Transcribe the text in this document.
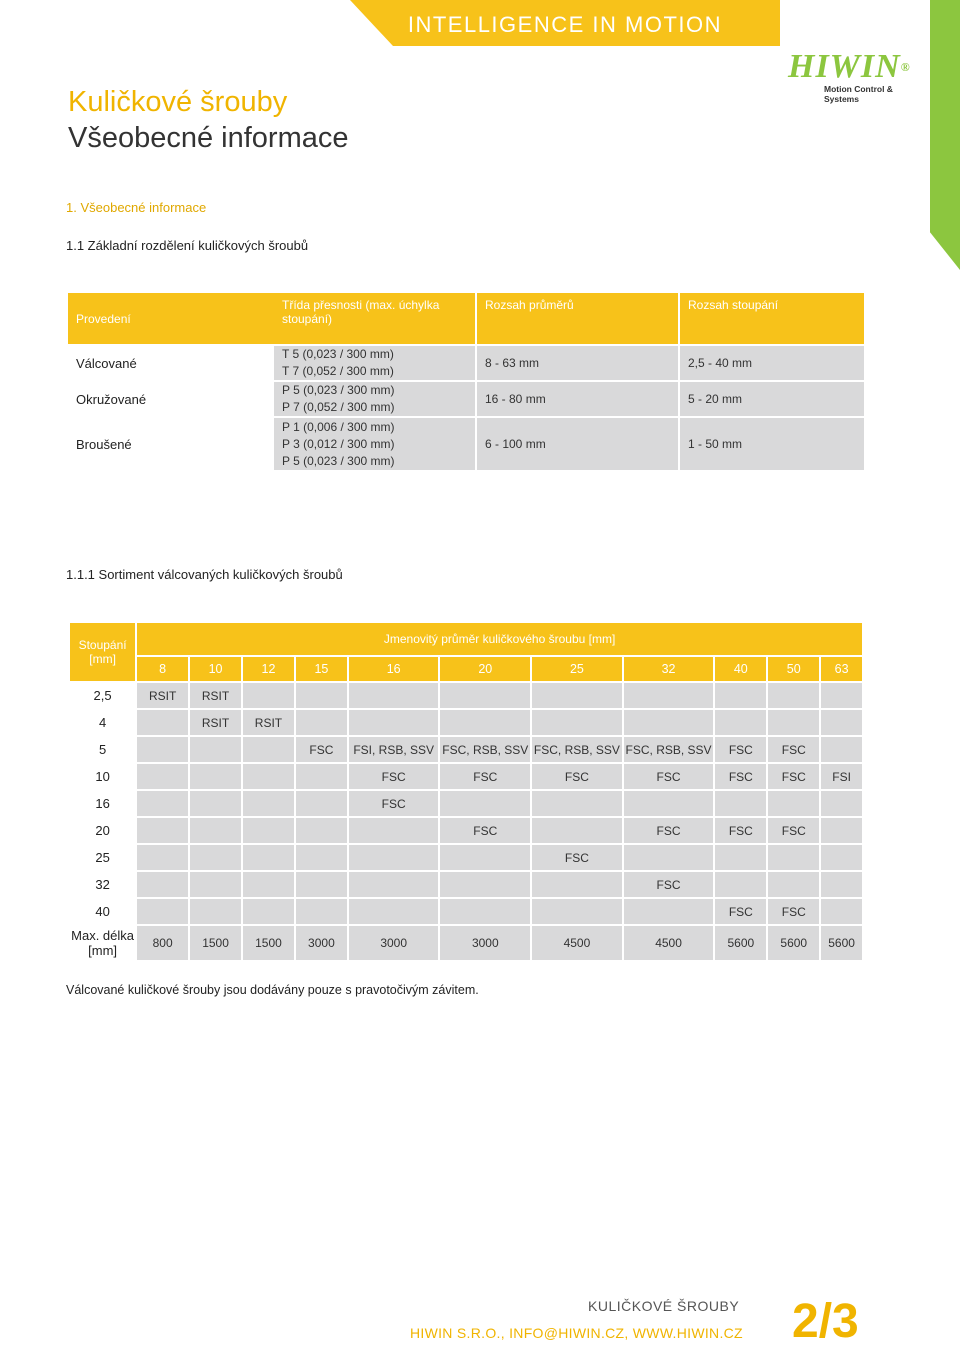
INTELLIGENCE IN MOTION
HIWIN®
Motion Control & Systems
Kuličkové šrouby
Všeobecné informace
1. Všeobecné informace
1.1 Základní rozdělení kuličkových šroubů
Provedení	Třída přesnosti (max. úchylka stoupání)	Rozsah průměrů	Rozsah stoupání
Válcované	T 5 (0,023 / 300 mm)
T 7 (0,052 / 300 mm)	8 - 63 mm	2,5 - 40 mm
Okružované	P 5 (0,023 / 300 mm)
P 7 (0,052 / 300 mm)	16 - 80 mm	5 - 20 mm
Broušené	P 1 (0,006 / 300 mm)
P 3 (0,012 / 300 mm)
P 5 (0,023 / 300 mm)	6 - 100 mm	1 - 50 mm
1.1.1 Sortiment válcovaných kuličkových šroubů
Stoupání [mm]	Jmenovitý průměr kuličkového šroubu [mm]										
	8	10	12	15	16	20	25	32	40	50	63
2,5	RSIT	RSIT									
4		RSIT	RSIT								
5				FSC	FSI, RSB, SSV	FSC, RSB, SSV	FSC, RSB, SSV	FSC, RSB, SSV	FSC	FSC	
10					FSC	FSC	FSC	FSC	FSC	FSC	FSI
16					FSC						
20						FSC		FSC	FSC	FSC	
25							FSC				
32								FSC			
40									FSC	FSC	
Max. délka [mm]	800	1500	1500	3000	3000	3000	4500	4500	5600	5600	5600
Válcované kuličkové šrouby jsou dodávány pouze s pravotočivým závitem.
KULIČKOVÉ ŠROUBY
HIWIN S.R.O., INFO@HIWIN.CZ, WWW.HIWIN.CZ 2/3
